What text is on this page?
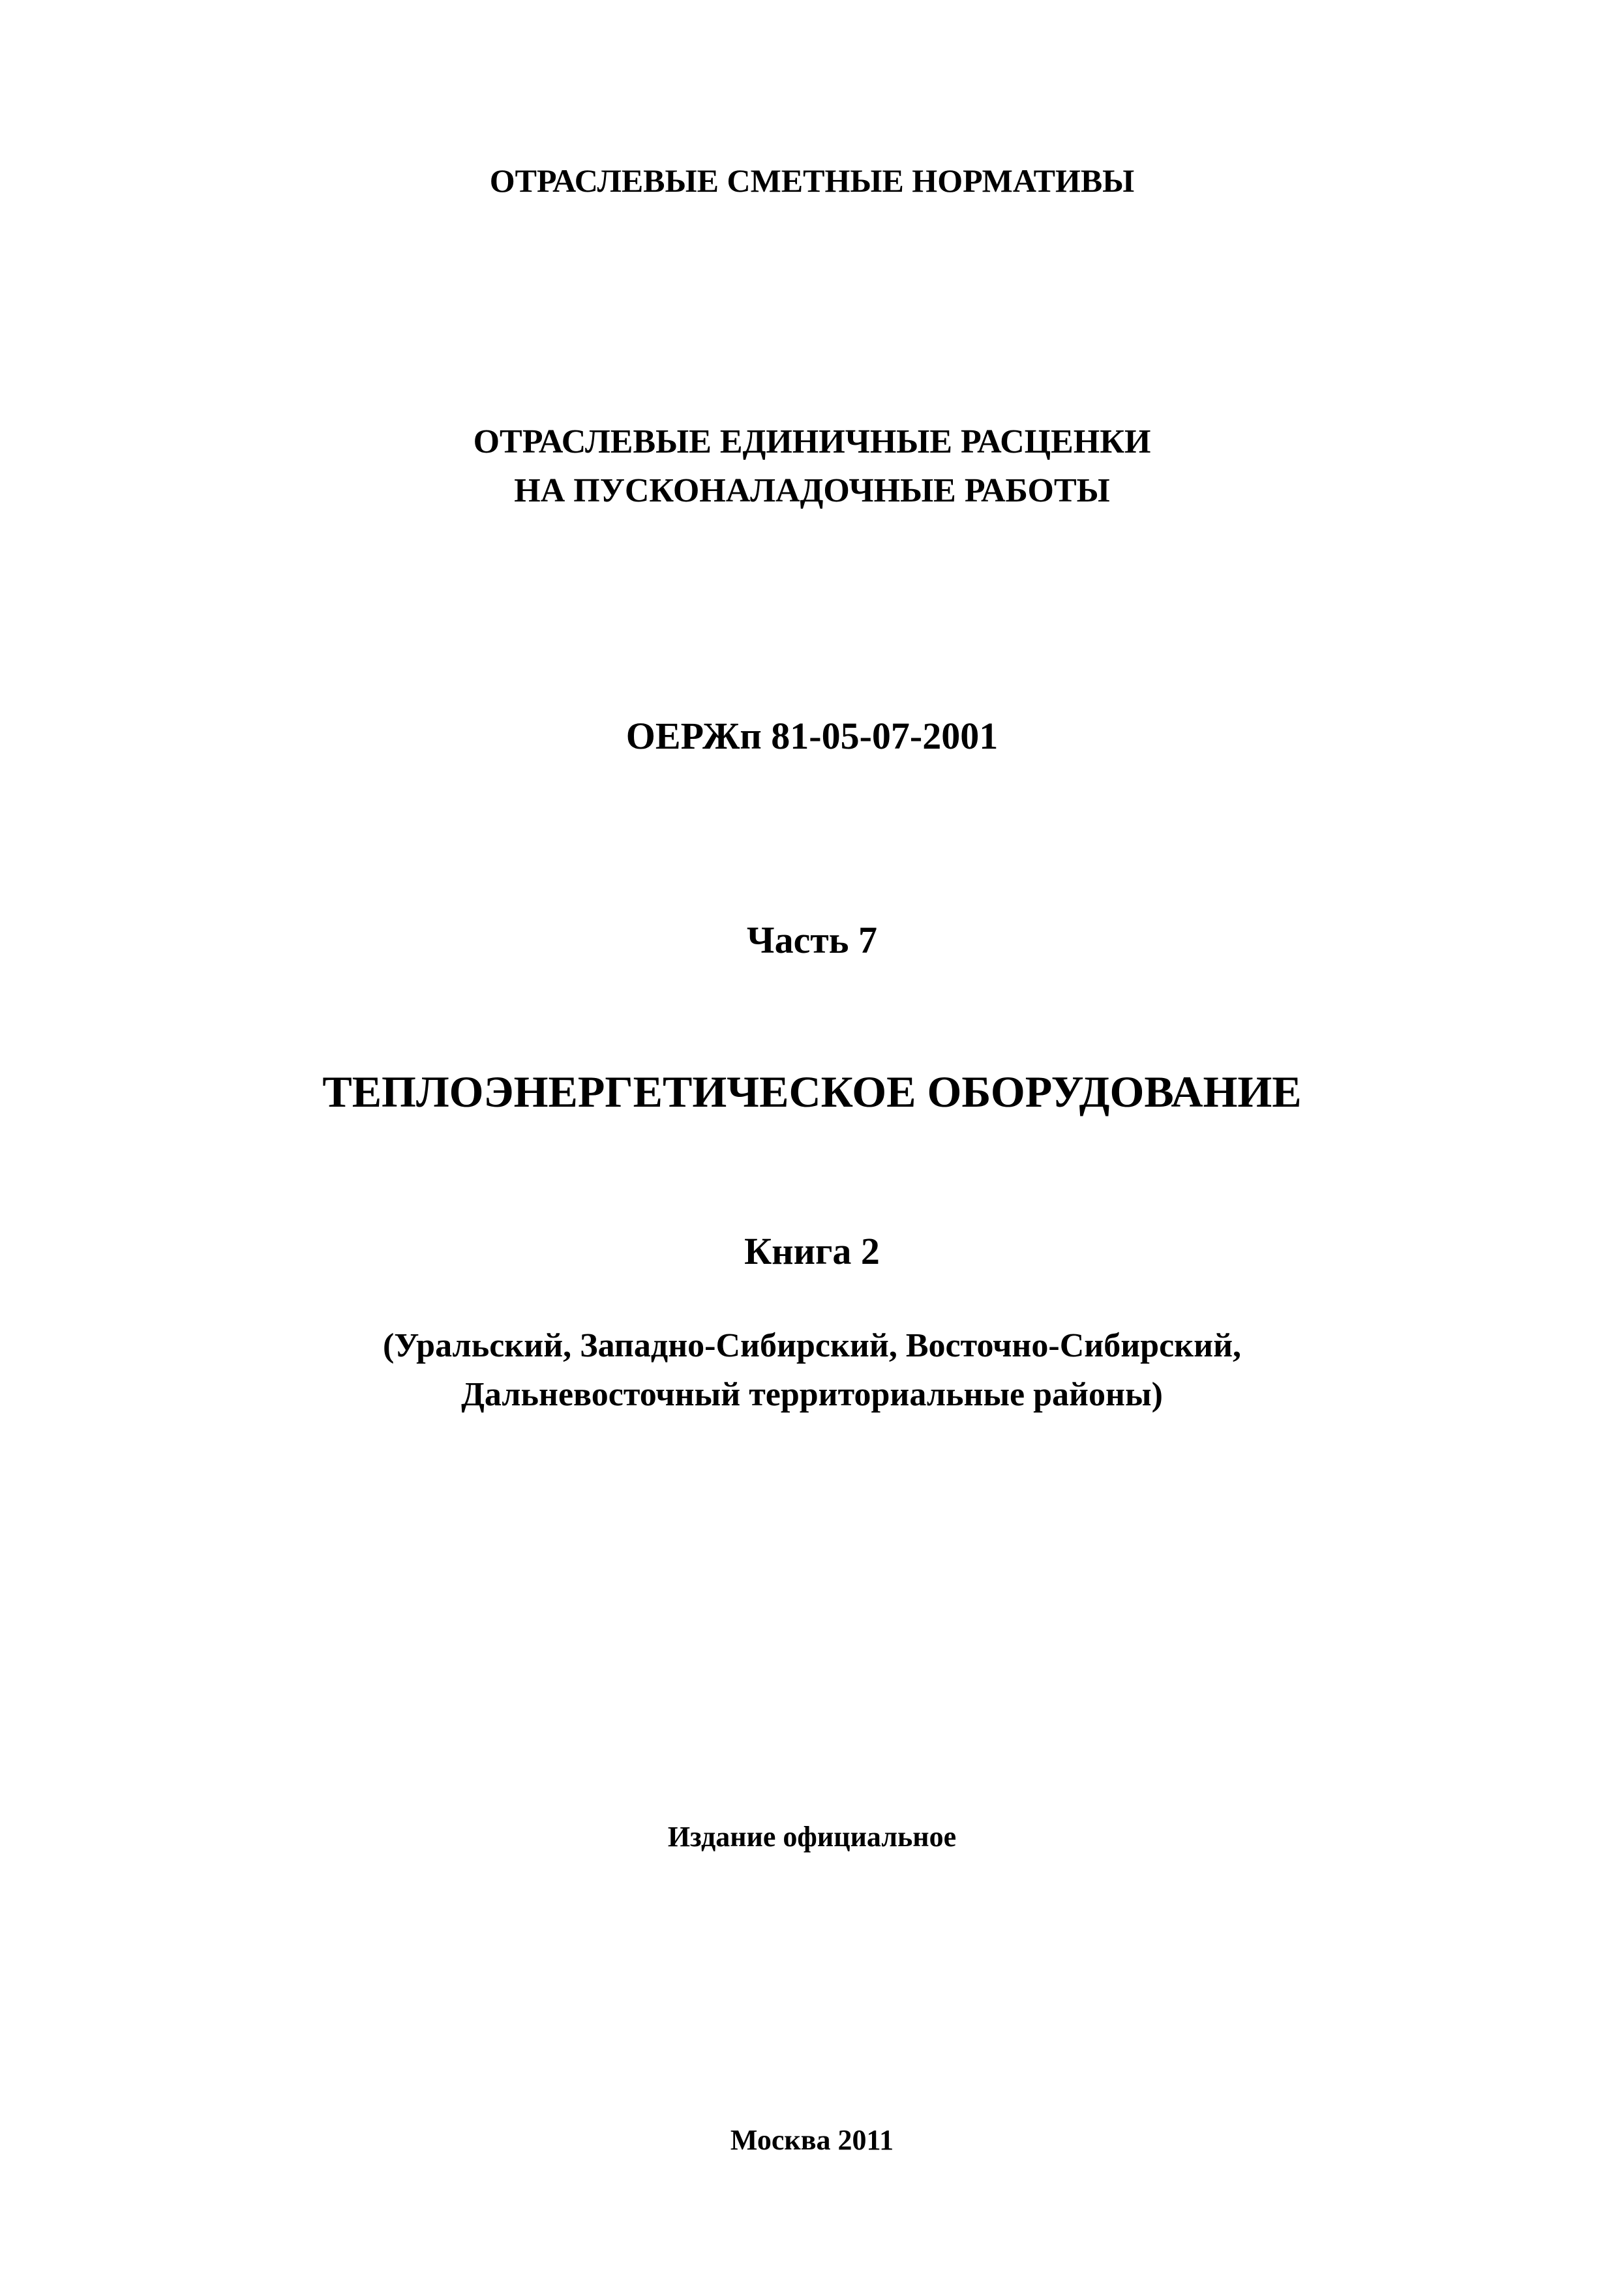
ОТРАСЛЕВЫЕ СМЕТНЫЕ НОРМАТИВЫ
ОТРАСЛЕВЫЕ ЕДИНИЧНЫЕ РАСЦЕНКИ
НА ПУСКОНАЛАДОЧНЫЕ РАБОТЫ
ОЕРЖп 81-05-07-2001
Часть 7
ТЕПЛОЭНЕРГЕТИЧЕСКОЕ ОБОРУДОВАНИЕ
Книга 2
(Уральский, Западно-Сибирский, Восточно-Сибирский,
Дальневосточный территориальные районы)
Издание официальное
Москва 2011
